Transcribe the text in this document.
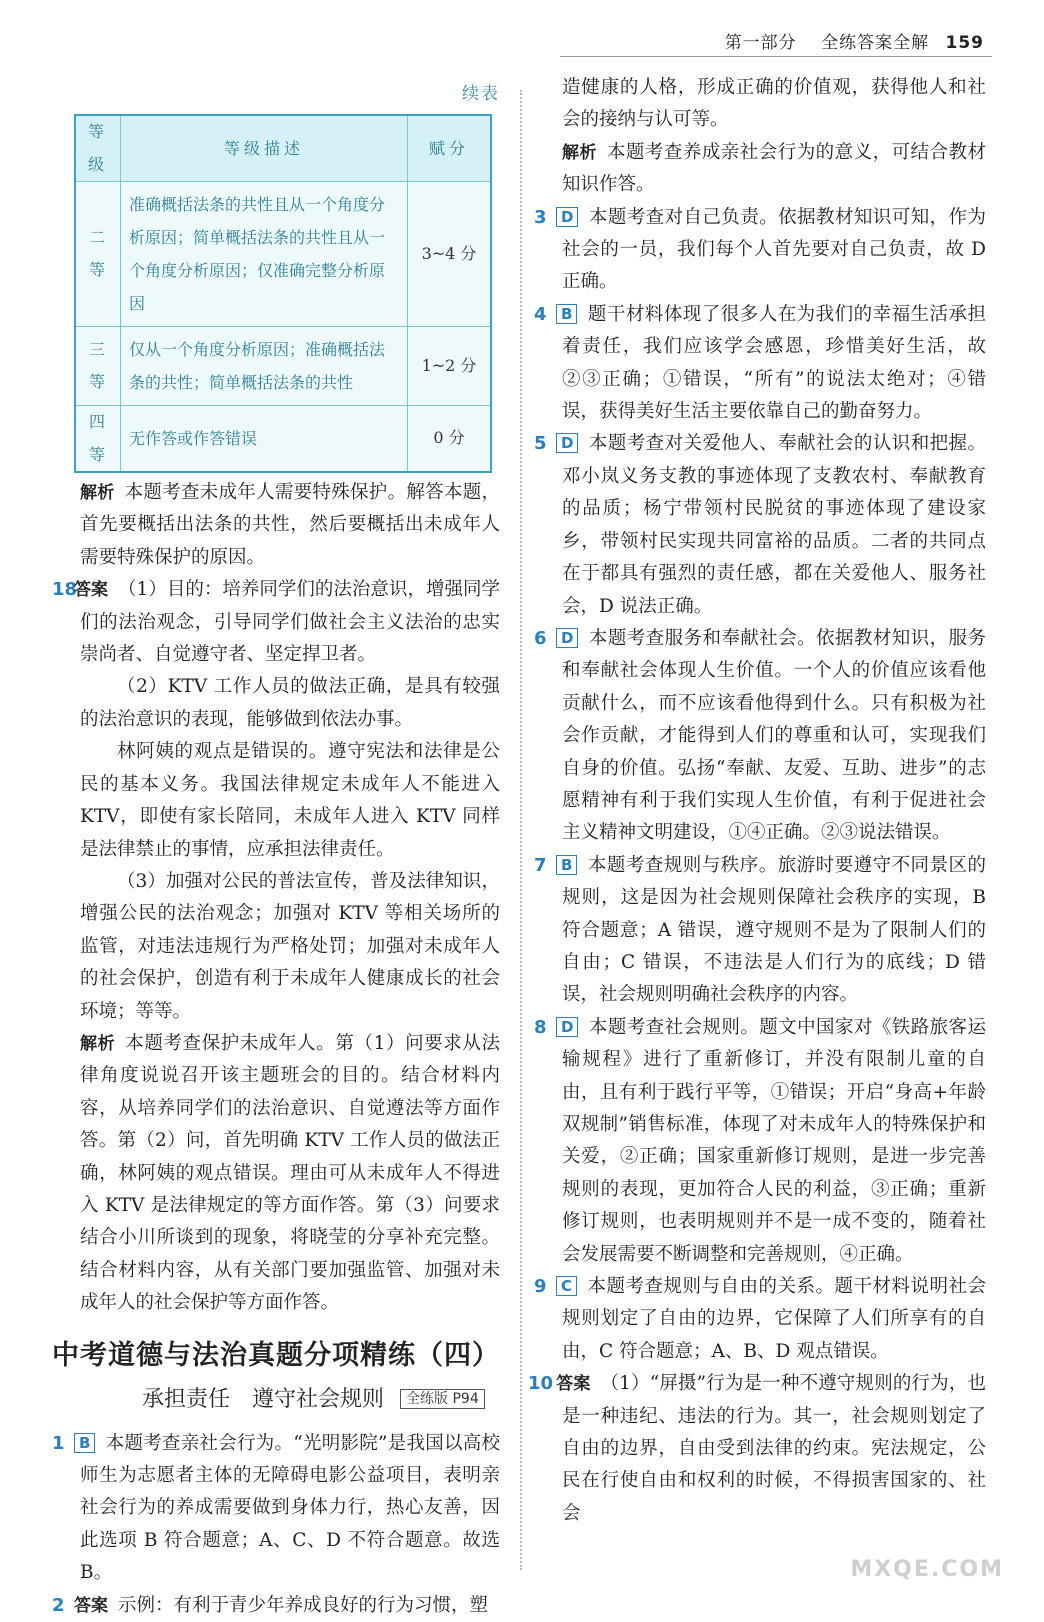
第一部分 全练答案全解 159
续表
等级	等级描述	赋分
二等	准确概括法条的共性且从一个角度分析原因；简单概括法条的共性且从一个角度分析原因；仅准确完整分析原因	3~4 分
三等	仅从一个角度分析原因；准确概括法条的共性；简单概括法条的共性	1~2 分
四等	无作答或作答错误	0 分

解析 本题考查未成年人需要特殊保护。解答本题，首先要概括出法条的共性，然后要概括出未成年人需要特殊保护的原因。

18答案 （1）目的：培养同学们的法治意识，增强同学们的法治观念，引导同学们做社会主义法治的忠实崇尚者、自觉遵守者、坚定捍卫者。

（2）KTV 工作人员的做法正确，是具有较强的法治意识的表现，能够做到依法办事。

林阿姨的观点是错误的。遵守宪法和法律是公民的基本义务。我国法律规定未成年人不能进入 KTV，即使有家长陪同，未成年人进入 KTV 同样是法律禁止的事情，应承担法律责任。

（3）加强对公民的普法宣传，普及法律知识，增强公民的法治观念；加强对 KTV 等相关场所的监管，对违法违规行为严格处罚；加强对未成年人的社会保护，创造有利于未成年人健康成长的社会环境；等等。

解析 本题考查保护未成年人。第（1）问要求从法律角度说说召开该主题班会的目的。结合材料内容，从培养同学们的法治意识、自觉遵法等方面作答。第（2）问，首先明确 KTV 工作人员的做法正确，林阿姨的观点错误。理由可从未成年人不得进入 KTV 是法律规定的等方面作答。第（3）问要求结合小川所谈到的现象，将晓莹的分享补充完整。结合材料内容，从有关部门要加强监管、加强对未成年人的社会保护等方面作答。

中考道德与法治真题分项精练（四）
承担责任　遵守社会规则 全练版 P94

1 B 本题考查亲社会行为。“光明影院”是我国以高校师生为志愿者主体的无障碍电影公益项目，表明亲社会行为的养成需要做到身体力行，热心友善，因此选项 B 符合题意；A、C、D 不符合题意。故选 B。

2 答案 示例：有利于青少年养成良好的行为习惯，塑

造健康的人格，形成正确的价值观，获得他人和社会的接纳与认可等。

解析 本题考查养成亲社会行为的意义，可结合教材知识作答。

3 D 本题考查对自己负责。依据教材知识可知，作为社会的一员，我们每个人首先要对自己负责，故 D 正确。

4 B 题干材料体现了很多人在为我们的幸福生活承担着责任，我们应该学会感恩，珍惜美好生活，故②③正确；①错误，“所有”的说法太绝对；④错误，获得美好生活主要依靠自己的勤奋努力。

5 D 本题考查对关爱他人、奉献社会的认识和把握。邓小岚义务支教的事迹体现了支教农村、奉献教育的品质；杨宁带领村民脱贫的事迹体现了建设家乡，带领村民实现共同富裕的品质。二者的共同点在于都具有强烈的责任感，都在关爱他人、服务社会，D 说法正确。

6 D 本题考查服务和奉献社会。依据教材知识，服务和奉献社会体现人生价值。一个人的价值应该看他贡献什么，而不应该看他得到什么。只有积极为社会作贡献，才能得到人们的尊重和认可，实现我们自身的价值。弘扬“奉献、友爱、互助、进步”的志愿精神有利于我们实现人生价值，有利于促进社会主义精神文明建设，①④正确。②③说法错误。

7 B 本题考查规则与秩序。旅游时要遵守不同景区的规则，这是因为社会规则保障社会秩序的实现，B 符合题意；A 错误，遵守规则不是为了限制人们的自由；C 错误，不违法是人们行为的底线；D 错误，社会规则明确社会秩序的内容。

8 D 本题考查社会规则。题文中国家对《铁路旅客运输规程》进行了重新修订，并没有限制儿童的自由，且有利于践行平等，①错误；开启“身高+年龄双规制”销售标准，体现了对未成年人的特殊保护和关爱，②正确；国家重新修订规则，是进一步完善规则的表现，更加符合人民的利益，③正确；重新修订规则，也表明规则并不是一成不变的，随着社会发展需要不断调整和完善规则，④正确。

9 C 本题考查规则与自由的关系。题干材料说明社会规则划定了自由的边界，它保障了人们所享有的自由，C 符合题意；A、B、D 观点错误。

10 答案 （1）“屏摄”行为是一种不遵守规则的行为，也是一种违纪、违法的行为。其一，社会规则划定了自由的边界，自由受到法律的约束。宪法规定，公民在行使自由和权利的时候，不得损害国家的、社会

MXQE.COM
